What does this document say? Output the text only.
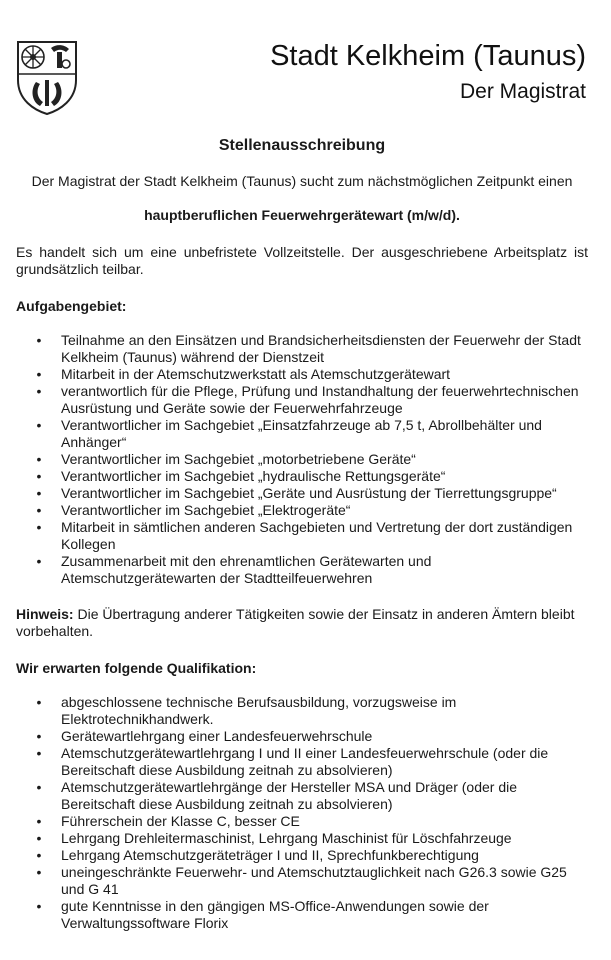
Stadt Kelkheim (Taunus)
Der Magistrat
Stellenausschreibung

Der Magistrat der Stadt Kelkheim (Taunus) sucht zum nächstmöglichen Zeitpunkt einen

hauptberuflichen Feuerwehrgerätewart (m/w/d).

Es handelt sich um eine unbefristete Vollzeitstelle. Der ausgeschriebene Arbeitsplatz ist grundsätzlich teilbar.

Aufgabengebiet:

• Teilnahme an den Einsätzen und Brandsicherheitsdiensten der Feuerwehr der Stadt Kelkheim (Taunus) während der Dienstzeit
• Mitarbeit in der Atemschutzwerkstatt als Atemschutzgerätewart
• verantwortlich für die Pflege, Prüfung und Instandhaltung der feuerwehrtechnischen Ausrüstung und Geräte sowie der Feuerwehrfahrzeuge
• Verantwortlicher im Sachgebiet „Einsatzfahrzeuge ab 7,5 t, Abrollbehälter und Anhänger“
• Verantwortlicher im Sachgebiet „motorbetriebene Geräte“
• Verantwortlicher im Sachgebiet „hydraulische Rettungsgeräte“
• Verantwortlicher im Sachgebiet „Geräte und Ausrüstung der Tierrettungsgruppe“
• Verantwortlicher im Sachgebiet „Elektrogeräte“
• Mitarbeit in sämtlichen anderen Sachgebieten und Vertretung der dort zuständigen Kollegen
• Zusammenarbeit mit den ehrenamtlichen Gerätewarten und Atemschutzgerätewarten der Stadtteilfeuerwehren

Hinweis: Die Übertragung anderer Tätigkeiten sowie der Einsatz in anderen Ämtern bleibt vorbehalten.

Wir erwarten folgende Qualifikation:

• abgeschlossene technische Berufsausbildung, vorzugsweise im Elektrotechnikhandwerk.
• Gerätewartlehrgang einer Landesfeuerwehrschule
• Atemschutzgerätewartlehrgang I und II einer Landesfeuerwehrschule (oder die Bereitschaft diese Ausbildung zeitnah zu absolvieren)
• Atemschutzgerätewartlehrgänge der Hersteller MSA und Dräger (oder die Bereitschaft diese Ausbildung zeitnah zu absolvieren)
• Führerschein der Klasse C, besser CE
• Lehrgang Drehleitermaschinist, Lehrgang Maschinist für Löschfahrzeuge
• Lehrgang Atemschutzgeräteträger I und II, Sprechfunkberechtigung
• uneingeschränkte Feuerwehr- und Atemschutztauglichkeit nach G26.3 sowie G25 und G 41
• gute Kenntnisse in den gängigen MS-Office-Anwendungen sowie der Verwaltungssoftware Florix
